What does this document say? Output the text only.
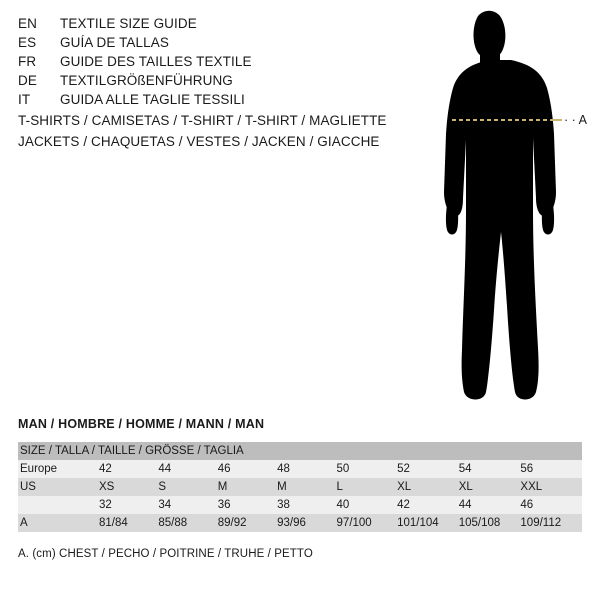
EN	TEXTILE SIZE GUIDE
ES	GUÍA DE TALLAS
FR	GUIDE DES TAILLES TEXTILE
DE	TEXTILGRÖßENFÜHRUNG
IT	GUIDA ALLE TAGLIE TESSILI
T-SHIRTS / CAMISETAS / T-SHIRT / T-SHIRT / MAGLIETTE
JACKETS / CHAQUETAS / VESTES / JACKEN / GIACCHE
· · A
MAN / HOMBRE / HOMME / MANN / MAN
SIZE / TALLA / TAILLE / GRÖSSE / TAGLIA								
Europe	42	44	46	48	50	52	54	56
US	XS	S	M	M	L	XL	XL	XXL
	32	34	36	38	40	42	44	46
A	81/84	85/88	89/92	93/96	97/100	101/104	105/108	109/112
A. (cm) CHEST / PECHO / POITRINE / TRUHE / PETTO
